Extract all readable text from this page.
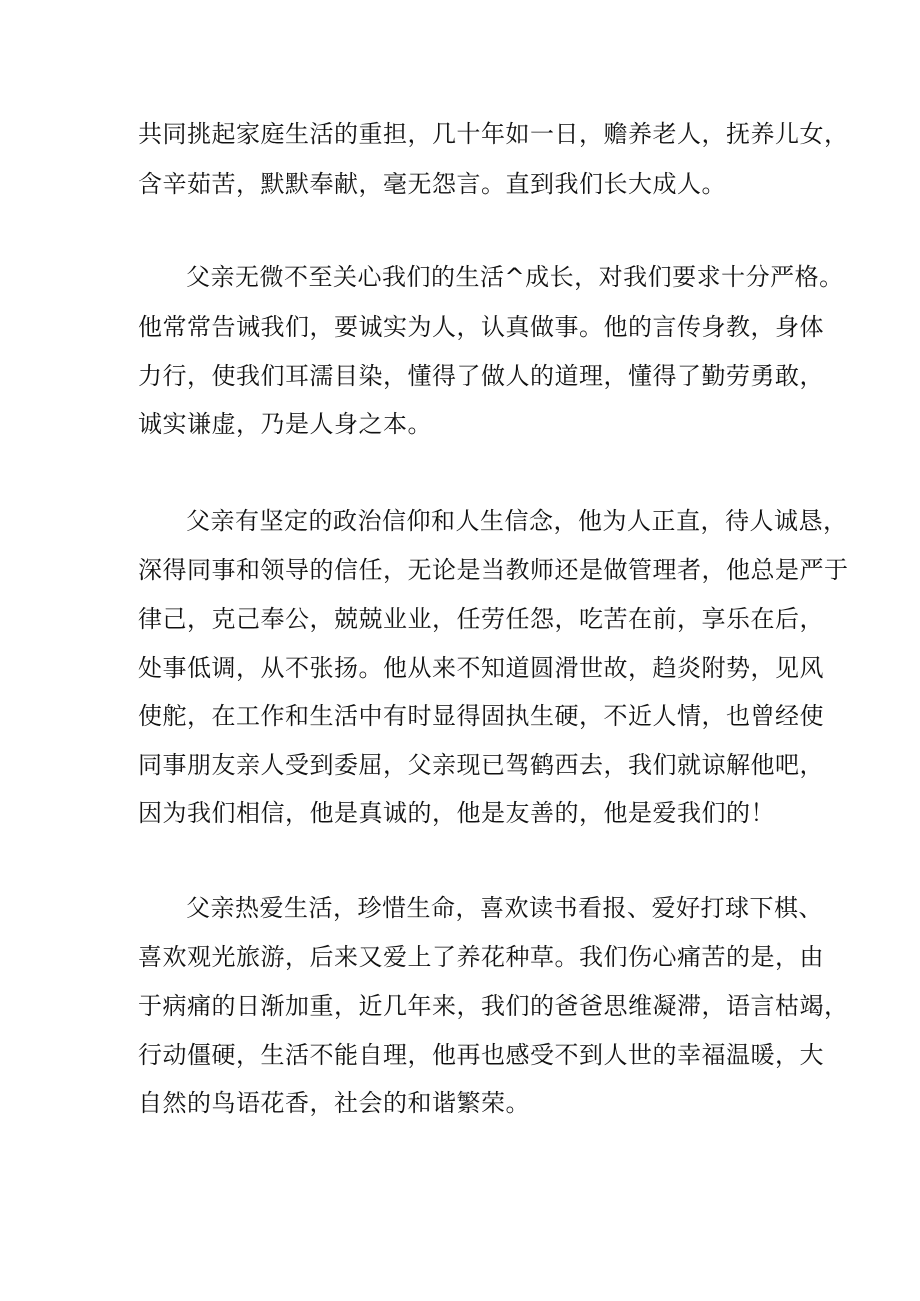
共同挑起家庭生活的重担，几十年如一日，赡养老人，抚养儿女，
含辛茹苦，默默奉献，毫无怨言。直到我们长大成人。
父亲无微不至关心我们的生活^成长，对我们要求十分严格。
他常常告诫我们，要诚实为人，认真做事。他的言传身教，身体
力行，使我们耳濡目染，懂得了做人的道理，懂得了勤劳勇敢，
诚实谦虚，乃是人身之本。
父亲有坚定的政治信仰和人生信念，他为人正直，待人诚恳，
深得同事和领导的信任，无论是当教师还是做管理者，他总是严于
律己，克己奉公，兢兢业业，任劳任怨，吃苦在前，享乐在后，
处事低调，从不张扬。他从来不知道圆滑世故，趋炎附势，见风
使舵，在工作和生活中有时显得固执生硬，不近人情，也曾经使
同事朋友亲人受到委屈，父亲现已驾鹤西去，我们就谅解他吧，
因为我们相信，他是真诚的，他是友善的，他是爱我们的！
父亲热爱生活，珍惜生命，喜欢读书看报、爱好打球下棋、
喜欢观光旅游，后来又爱上了养花种草。我们伤心痛苦的是，由
于病痛的日渐加重，近几年来，我们的爸爸思维凝滞，语言枯竭，
行动僵硬，生活不能自理，他再也感受不到人世的幸福温暖，大
自然的鸟语花香，社会的和谐繁荣。
